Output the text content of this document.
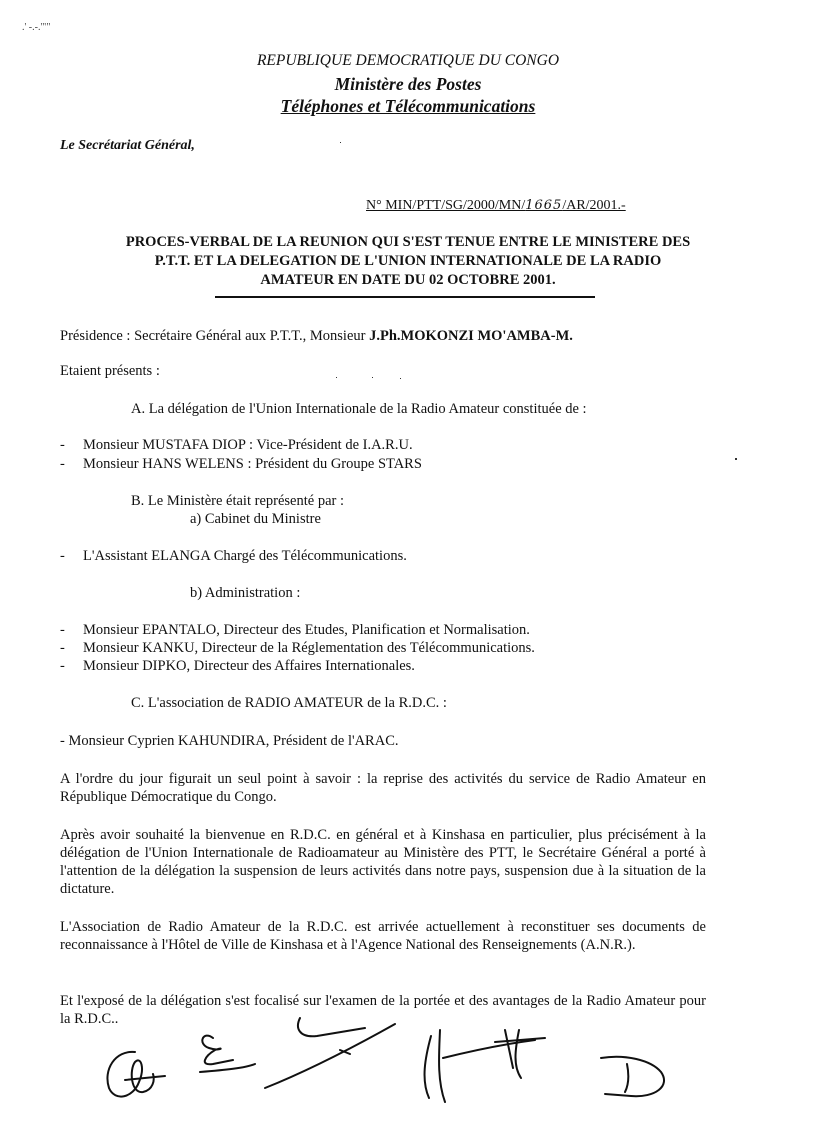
.' -.-.'""
REPUBLIQUE DEMOCRATIQUE DU CONGO
Ministère des Postes
Téléphones et Télécommunications
Le Secrétariat Général,
N° MIN/PTT/SG/2000/MN/1665/AR/2001.-
PROCES-VERBAL DE LA REUNION QUI S'EST TENUE ENTRE LE MINISTERE DES
P.T.T. ET LA DELEGATION DE L'UNION INTERNATIONALE DE LA RADIO
AMATEUR EN DATE DU 02 OCTOBRE 2001.
Présidence : Secrétaire Général aux P.T.T., Monsieur J.Ph.MOKONZI MO'AMBA-M.
Etaient présents :
A. La délégation de l'Union Internationale de la Radio Amateur constituée de :
- Monsieur MUSTAFA DIOP : Vice-Président de I.A.R.U.
- Monsieur HANS WELENS : Président du Groupe STARS
B. Le Ministère était représenté par :
a) Cabinet du Ministre
- L'Assistant ELANGA Chargé des Télécommunications.
b) Administration :
- Monsieur EPANTALO, Directeur des Etudes, Planification et Normalisation.
- Monsieur KANKU, Directeur de la Réglementation des Télécommunications.
- Monsieur DIPKO, Directeur des Affaires Internationales.
C. L'association de RADIO AMATEUR de la R.D.C. :
- Monsieur Cyprien KAHUNDIRA, Président de l'ARAC.

A l'ordre du jour figurait un seul point à savoir : la reprise des activités du service de Radio Amateur en République Démocratique du Congo.

Après avoir souhaité la bienvenue en R.D.C. en général et à Kinshasa en particulier, plus précisément à la délégation de l'Union Internationale de Radioamateur au Ministère des PTT, le Secrétaire Général a porté à l'attention de la délégation la suspension de leurs activités dans notre pays, suspension due à la situation de la dictature.

L'Association de Radio Amateur de la R.D.C. est arrivée actuellement à reconstituer ses documents de reconnaissance à l'Hôtel de Ville de Kinshasa et à l'Agence National des Renseignements (A.N.R.).

Et l'exposé de la délégation s'est focalisé sur l'examen de la portée et des avantages de la Radio Amateur pour la R.D.C..
